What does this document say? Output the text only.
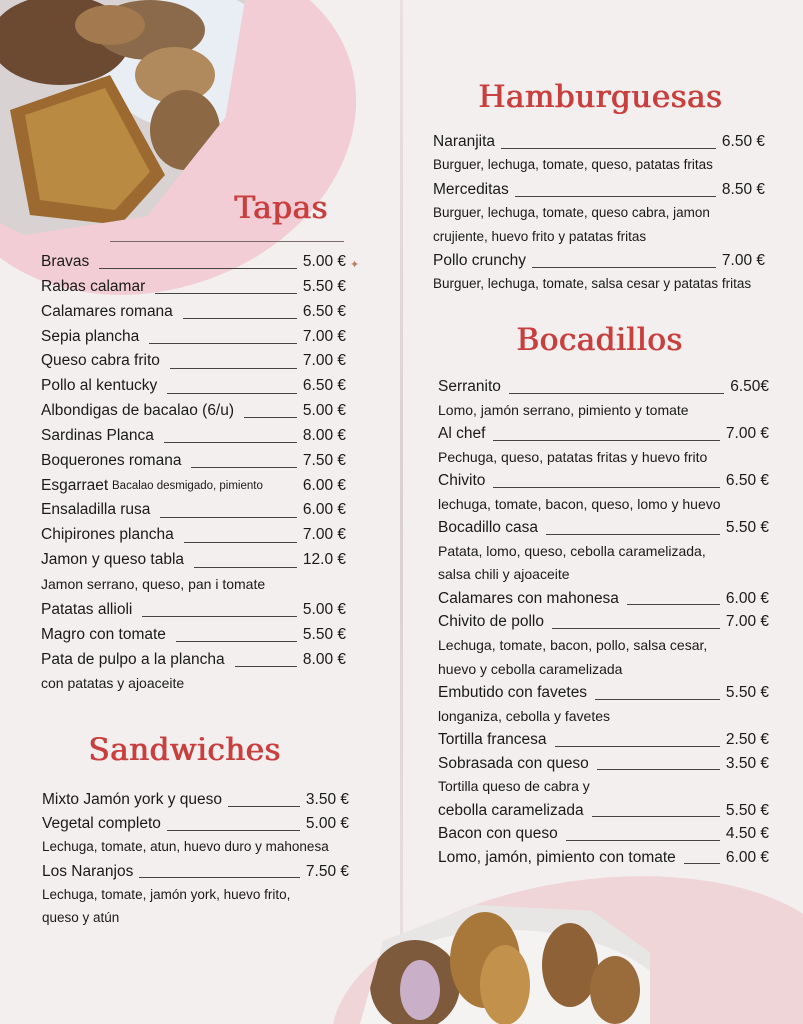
Tapas
Bravas	5.00 €
Rabas calamar	5.50 €
Calamares romana	6.50 €
Sepia plancha	7.00 €
Queso cabra frito	7.00 €
Pollo al kentucky	6.50 €
Albondigas de bacalao (6/u)	5.00 €
Sardinas Planca	8.00 €
Boquerones romana	7.50 €
Esgarraet Bacalao desmigado, pimiento	6.00 €
Ensaladilla rusa	6.00 €
Chipirones plancha	7.00 €
Jamon y queso tabla	12.0 €
Jamon serrano, queso, pan i tomate
Patatas allioli	5.00 €
Magro con tomate	5.50 €
Pata de pulpo a la plancha	8.00 €
con patatas y ajoaceite
✦
Sandwiches
Mixto Jamón york y queso	3.50 €
Vegetal completo	5.00 €
Lechuga, tomate, atun, huevo duro y mahonesa
Los Naranjos	7.50 €
Lechuga, tomate, jamón york, huevo frito,
queso y atún
Hamburguesas
Naranjita	6.50 €
Burguer, lechuga, tomate, queso, patatas fritas
Merceditas	8.50 €
Burguer, lechuga, tomate, queso cabra, jamon
crujiente, huevo frito y patatas fritas
Pollo crunchy	7.00 €
Burguer, lechuga, tomate, salsa cesar y patatas fritas
Bocadillos
Serranito	6.50€
Lomo, jamón serrano, pimiento y tomate
Al chef	7.00 €
Pechuga, queso, patatas fritas y huevo frito
Chivito	6.50 €
lechuga, tomate, bacon, queso, lomo y huevo
Bocadillo casa	5.50 €
Patata, lomo, queso, cebolla caramelizada,
salsa chili y ajoaceite
Calamares con mahonesa	6.00 €
Chivito de pollo	7.00 €
Lechuga, tomate, bacon, pollo, salsa cesar,
huevo y cebolla caramelizada
Embutido con favetes	5.50 €
longaniza, cebolla y favetes
Tortilla francesa	2.50 €
Sobrasada con queso	3.50 €
Tortilla queso de cabra y
cebolla caramelizada	5.50 €
Bacon con queso	4.50 €
Lomo, jamón, pimiento con tomate	6.00 €
